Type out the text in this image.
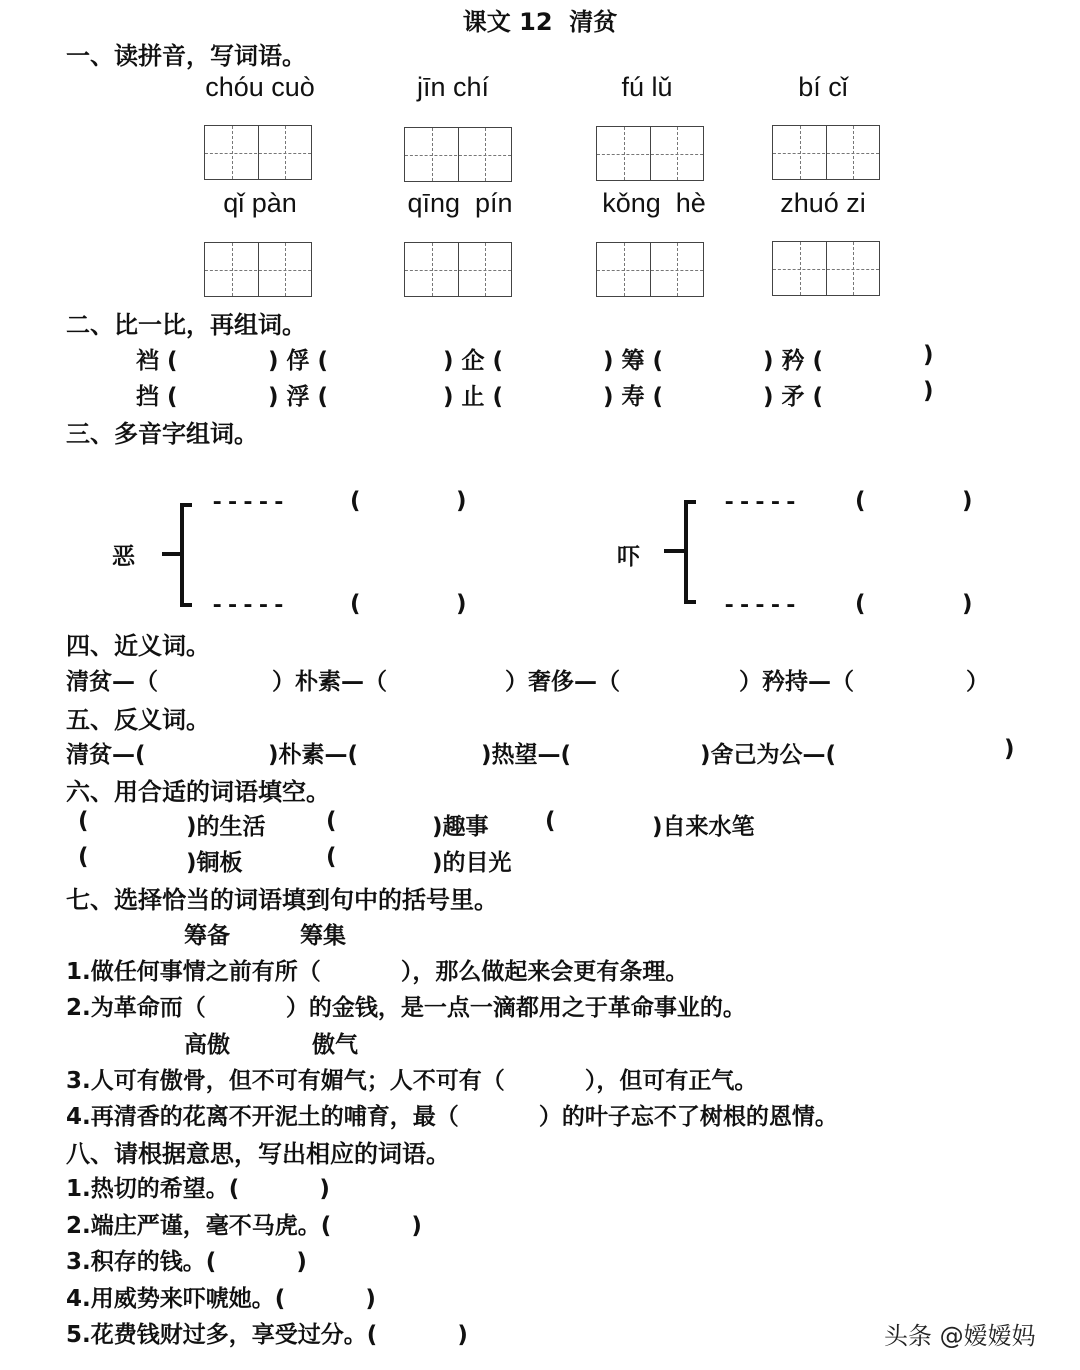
课文 12  清贫
一、读拼音，写词语。
chóu cuò	jīn chí	fú lǔ	bí cǐ
qǐ pàn	qīng  pín	kǒng  hè	zhuó zi
二、比一比，再组词。
裆 (	) 俘 (	) 企 (	) 筹 (	) 矜 (	)
挡 (	) 浮 (	) 止 (	) 寿 (	) 矛 (	)
三、多音字组词。
恶
-----	(	)
-----	(	)
吓
----- (	)
----- (	)
四、近义词。
清贫—（	）朴素—（	）奢侈—（	）矜持—（	）
五、反义词。
清贫—(	)朴素—(	)热望—(	)舍己为公—(	)
六、用合适的词语填空。
(	)的生活	(	)趣事 (	)自来水笔
(	)铜板	(	)的目光
七、选择恰当的词语填到句中的括号里。
筹备	筹集
1.做任何事情之前有所（          ），那么做起来会更有条理。
2.为革命而（          ）的金钱，是一点一滴都用之于革命事业的。
高傲	傲气
3.人可有傲骨，但不可有媚气；人不可有（          ），但可有正气。
4.再清香的花离不开泥土的哺育，最（          ）的叶子忘不了树根的恩情。
八、请根据意思，写出相应的词语。
1.热切的希望。(          )
2.端庄严谨，毫不马虎。(          )
3.积存的钱。(          )
4.用威势来吓唬她。(          )
5.花费钱财过多，享受过分。(          )	头条 @嫒嫒妈
